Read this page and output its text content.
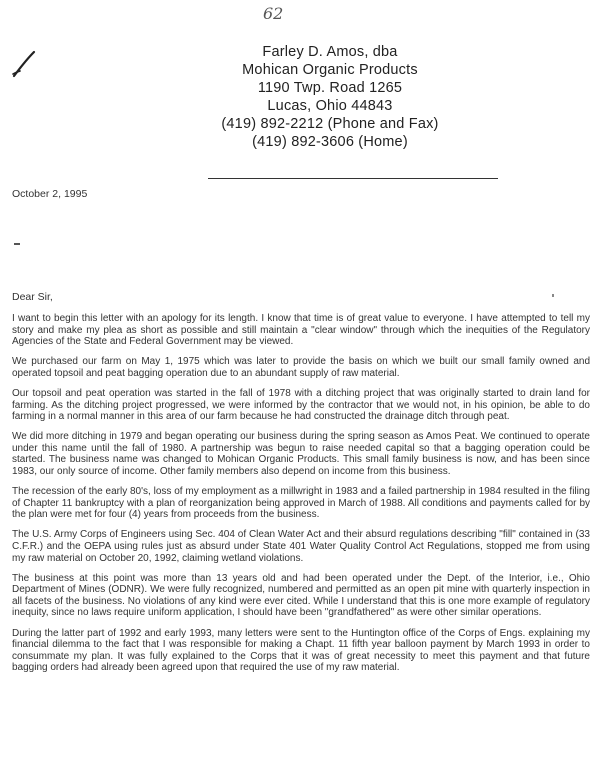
62
Farley D. Amos, dba
Mohican Organic Products
1190 Twp. Road 1265
Lucas, Ohio 44843
(419) 892-2212 (Phone and Fax)
(419) 892-3606 (Home)
October 2, 1995
Dear Sir,

I want to begin this letter with an apology for its length. I know that time is of great value to everyone. I have attempted to tell my story and make my plea as short as possible and still maintain a "clear window" through which the inequities of the Regulatory Agencies of the State and Federal Government may be viewed.

We purchased our farm on May 1, 1975 which was later to provide the basis on which we built our small family owned and operated topsoil and peat bagging operation due to an abundant supply of raw material.

Our topsoil and peat operation was started in the fall of 1978 with a ditching project that was originally started to drain land for farming. As the ditching project progressed, we were informed by the contractor that we would not, in his opinion, be able to do farming in a normal manner in this area of our farm because he had constructed the drainage ditch through peat.

We did more ditching in 1979 and began operating our business during the spring season as Amos Peat. We continued to operate under this name until the fall of 1980. A partnership was begun to raise needed capital so that a bagging operation could be started. The business name was changed to Mohican Organic Products. This small family business is now, and has been since 1983, our only source of income. Other family members also depend on income from this business.

The recession of the early 80's, loss of my employment as a millwright in 1983 and a failed partnership in 1984 resulted in the filing of Chapter 11 bankruptcy with a plan of reorganization being approved in March of 1988. All conditions and payments called for by the plan were met for four (4) years from proceeds from the business.

The U.S. Army Corps of Engineers using Sec. 404 of Clean Water Act and their absurd regulations describing "fill" contained in (33 C.F.R.) and the OEPA using rules just as absurd under State 401 Water Quality Control Act Regulations, stopped me from using my raw material on October 20, 1992, claiming wetland violations.

The business at this point was more than 13 years old and had been operated under the Dept. of the Interior, i.e., Ohio Department of Mines (ODNR). We were fully recognized, numbered and permitted as an open pit mine with quarterly inspection in all facets of the business. No violations of any kind were ever cited. While I understand that this is one more example of regulatory inequity, since no laws require uniform application, I should have been "grandfathered" as were other similar operations.

During the latter part of 1992 and early 1993, many letters were sent to the Huntington office of the Corps of Engs. explaining my financial dilemma to the fact that I was responsible for making a Chapt. 11 fifth year balloon payment by March 1993 in order to consummate my plan. It was fully explained to the Corps that it was of great necessity to meet this payment and that future bagging orders had already been agreed upon that required the use of my raw material.
